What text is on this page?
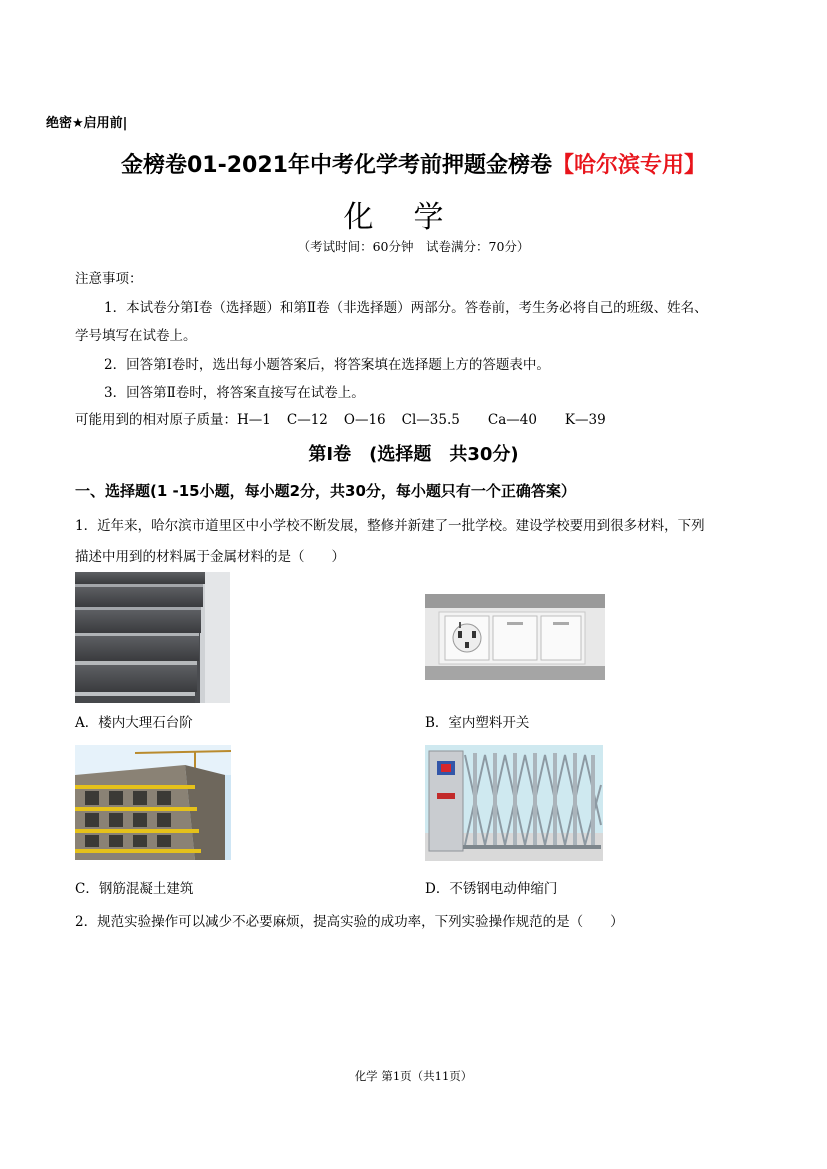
绝密★启用前|
金榜卷01-2021年中考化学考前押题金榜卷【哈尔滨专用】
化学
（考试时间：60分钟　试卷满分：70分）
注意事项：
1．本试卷分第Ⅰ卷（选择题）和第Ⅱ卷（非选择题）两部分。答卷前，考生务必将自己的班级、姓名、
学号填写在试卷上。
2．回答第Ⅰ卷时，选出每小题答案后，将答案填在选择题上方的答题表中。
3．回答第Ⅱ卷时，将答案直接写在试卷上。
可能用到的相对原子质量：H—1 C—12 O—16 Cl—35.5 Ca—40 K—39
第Ⅰ卷　(选择题　共30分)
一、选择题(1 -15小题，每小题2分，共30分，每小题只有一个正确答案）
1．近年来，哈尔滨市道里区中小学校不断发展，整修并新建了一批学校。建设学校要用到很多材料，下列
描述中用到的材料属于金属材料的是（　　）
A．楼内大理石台阶	B．室内塑料开关
C．钢筋混凝土建筑	D．不锈钢电动伸缩门
2．规范实验操作可以减少不必要麻烦，提高实验的成功率，下列实验操作规范的是（　　）
化学 第1页（共11页）
